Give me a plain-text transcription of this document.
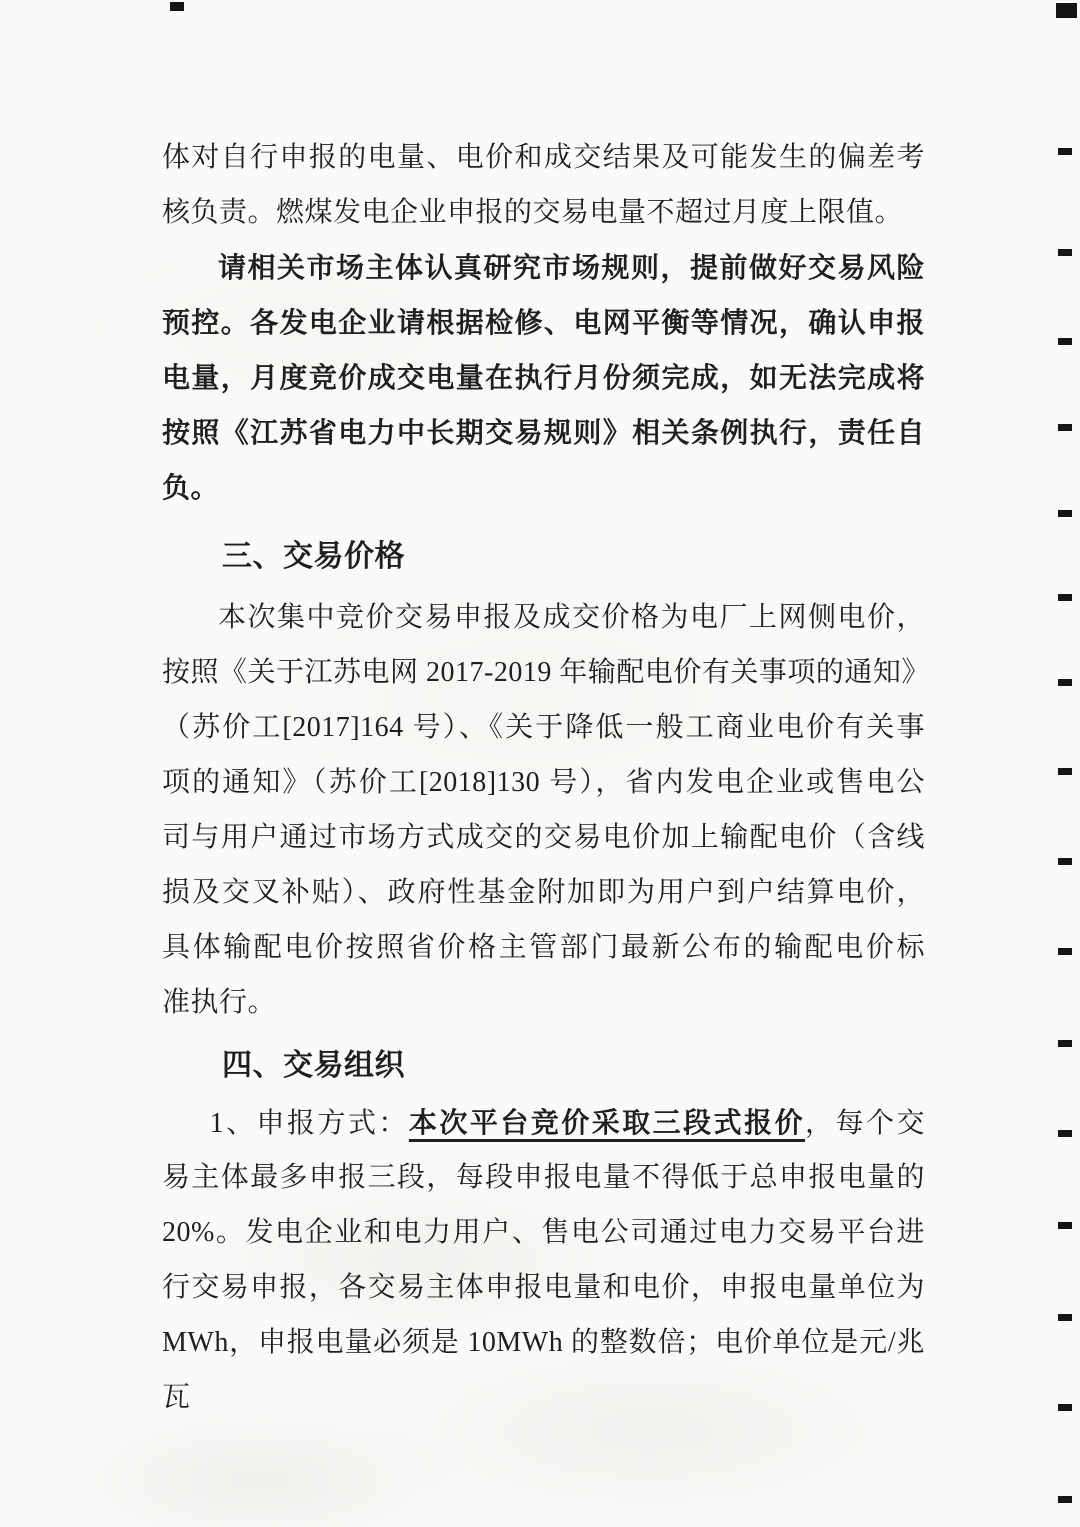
体对自行申报的电量、电价和成交结果及可能发生的偏差考
核负责。燃煤发电企业申报的交易电量不超过月度上限值。
请相关市场主体认真研究市场规则，提前做好交易风险
预控。各发电企业请根据检修、电网平衡等情况，确认申报
电量，月度竞价成交电量在执行月份须完成，如无法完成将
按照《江苏省电力中长期交易规则》相关条例执行，责任自
负。
三、交易价格
本次集中竞价交易申报及成交价格为电厂上网侧电价，
按照《关于江苏电网 2017-2019 年输配电价有关事项的通知》
（苏价工[2017]164 号）、《关于降低一般工商业电价有关事
项的通知》（苏价工[2018]130 号），省内发电企业或售电公
司与用户通过市场方式成交的交易电价加上输配电价（含线
损及交叉补贴）、政府性基金附加即为用户到户结算电价，
具体输配电价按照省价格主管部门最新公布的输配电价标
准执行。
四、交易组织
1、申报方式：本次平台竞价采取三段式报价，每个交
易主体最多申报三段，每段申报电量不得低于总申报电量的
20%。发电企业和电力用户、售电公司通过电力交易平台进
行交易申报，各交易主体申报电量和电价，申报电量单位为
MWh，申报电量必须是 10MWh 的整数倍；电价单位是元/兆瓦
